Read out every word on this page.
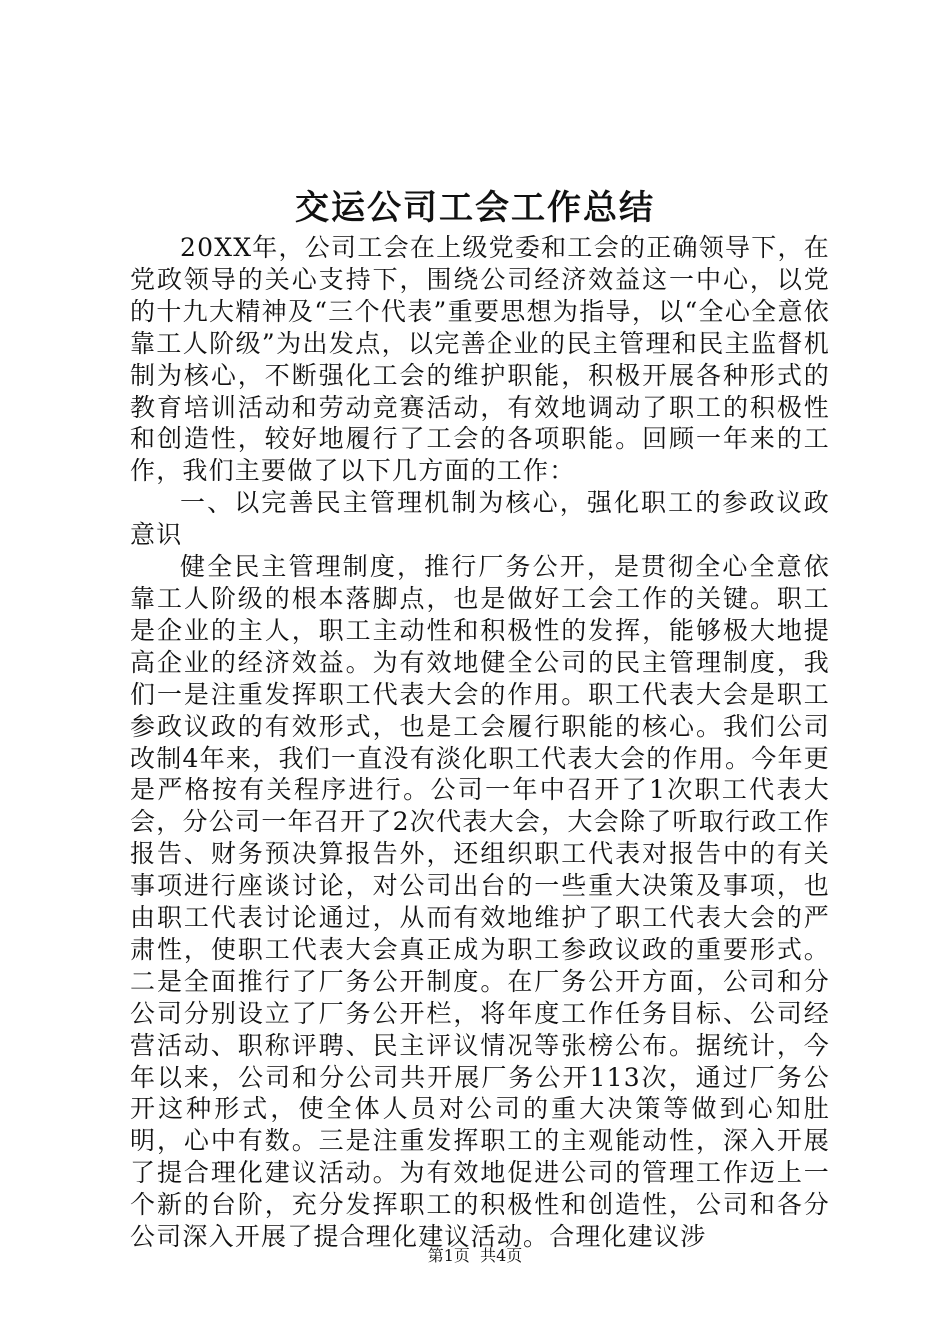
交运公司工会工作总结

20XX年，公司工会在上级党委和工会的正确领导下，在党政领导的关心支持下，围绕公司经济效益这一中心，以党的十九大精神及“三个代表”重要思想为指导，以“全心全意依靠工人阶级”为出发点，以完善企业的民主管理和民主监督机制为核心，不断强化工会的维护职能，积极开展各种形式的教育培训活动和劳动竞赛活动，有效地调动了职工的积极性和创造性，较好地履行了工会的各项职能。回顾一年来的工作，我们主要做了以下几方面的工作：

一、以完善民主管理机制为核心，强化职工的参政议政意识

健全民主管理制度，推行厂务公开，是贯彻全心全意依靠工人阶级的根本落脚点，也是做好工会工作的关键。职工是企业的主人，职工主动性和积极性的发挥，能够极大地提高企业的经济效益。为有效地健全公司的民主管理制度，我们一是注重发挥职工代表大会的作用。职工代表大会是职工参政议政的有效形式，也是工会履行职能的核心。我们公司改制4年来，我们一直没有淡化职工代表大会的作用。今年更是严格按有关程序进行。公司一年中召开了1次职工代表大会，分公司一年召开了2次代表大会，大会除了听取行政工作报告、财务预决算报告外，还组织职工代表对报告中的有关事项进行座谈讨论，对公司出台的一些重大决策及事项，也由职工代表讨论通过，从而有效地维护了职工代表大会的严肃性，使职工代表大会真正成为职工参政议政的重要形式。二是全面推行了厂务公开制度。在厂务公开方面，公司和分公司分别设立了厂务公开栏，将年度工作任务目标、公司经营活动、职称评聘、民主评议情况等张榜公布。据统计，今年以来，公司和分公司共开展厂务公开113次，通过厂务公开这种形式，使全体人员对公司的重大决策等做到心知肚明，心中有数。三是注重发挥职工的主观能动性，深入开展了提合理化建议活动。为有效地促进公司的管理工作迈上一个新的台阶，充分发挥职工的积极性和创造性，公司和各分公司深入开展了提合理化建议活动。合理化建议涉

第1页 共4页
